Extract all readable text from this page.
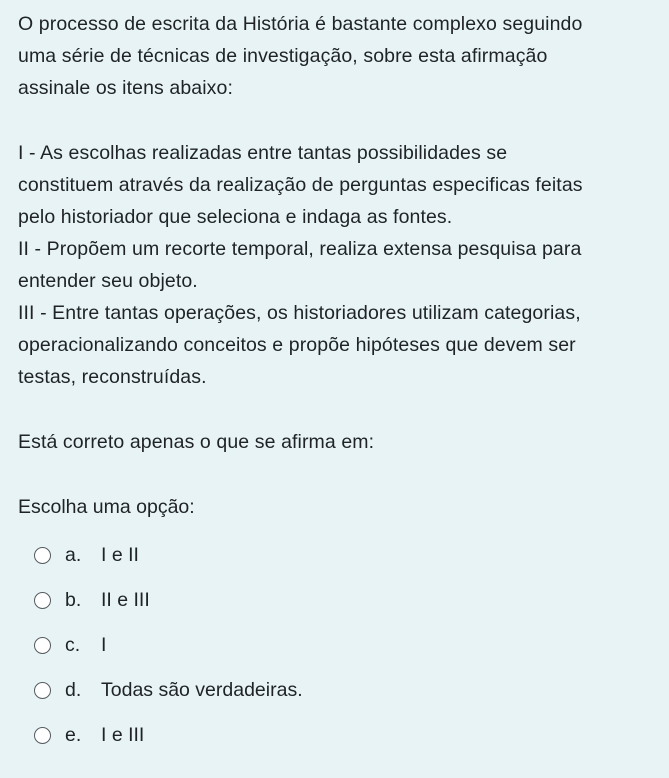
O processo de escrita da História é bastante complexo seguindo

uma série de técnicas de investigação, sobre esta afirmação

assinale os itens abaixo:

I - As escolhas realizadas entre tantas possibilidades se

constituem através da realização de perguntas especificas feitas

pelo historiador que seleciona e indaga as fontes.

II - Propõem um recorte temporal, realiza extensa pesquisa para

entender seu objeto.

III - Entre tantas operações, os historiadores utilizam categorias,

operacionalizando conceitos e propõe hipóteses que devem ser

testas, reconstruídas.

Está correto apenas o que se afirma em:

Escolha uma opção:

a.	I e II
b.	II e III
c.	I
d.	Todas são verdadeiras.
e.	I e III
